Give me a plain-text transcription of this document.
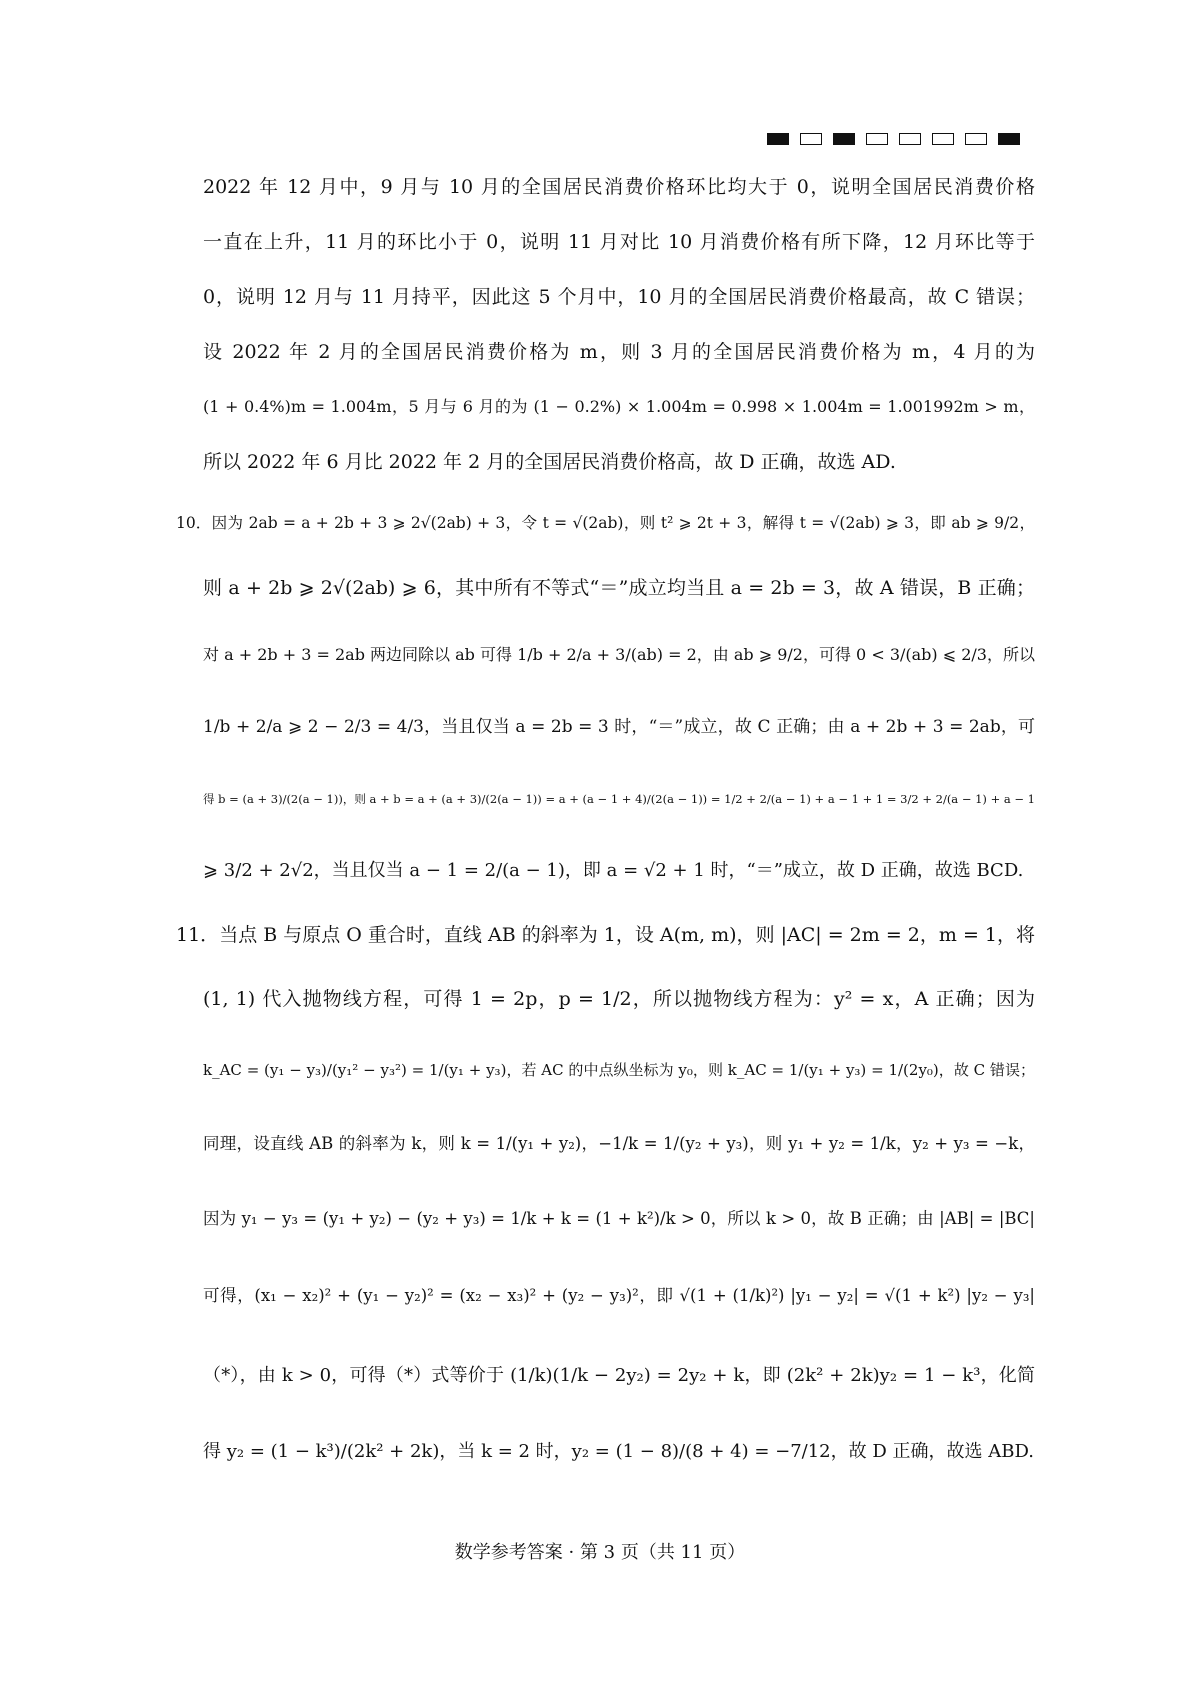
2022 年 12 月中，9 月与 10 月的全国居民消费价格环比均大于 0，说明全国居民消费价格
一直在上升，11 月的环比小于 0，说明 11 月对比 10 月消费价格有所下降，12 月环比等于
0，说明 12 月与 11 月持平，因此这 5 个月中，10 月的全国居民消费价格最高，故 C 错误；
设 2022 年 2 月的全国居民消费价格为 m，则 3 月的全国居民消费价格为 m，4 月的为
(1 + 0.4%)m = 1.004m，5 月与 6 月的为 (1 − 0.2%) × 1.004m = 0.998 × 1.004m = 1.001992m > m，
所以 2022 年 6 月比 2022 年 2 月的全国居民消费价格高，故 D 正确，故选 AD.
10．因为 2ab = a + 2b + 3 ⩾ 2√(2ab) + 3，令 t = √(2ab)，则 t² ⩾ 2t + 3，解得 t = √(2ab) ⩾ 3，即 ab ⩾ 9/2，
则 a + 2b ⩾ 2√(2ab) ⩾ 6，其中所有不等式“＝”成立均当且 a = 2b = 3，故 A 错误，B 正确；
对 a + 2b + 3 = 2ab 两边同除以 ab 可得 1/b + 2/a + 3/(ab) = 2，由 ab ⩾ 9/2，可得 0 < 3/(ab) ⩽ 2/3，所以
1/b + 2/a ⩾ 2 − 2/3 = 4/3，当且仅当 a = 2b = 3 时，“＝”成立，故 C 正确；由 a + 2b + 3 = 2ab，可
得 b = (a + 3)/(2(a − 1))，则 a + b = a + (a + 3)/(2(a − 1)) = a + (a − 1 + 4)/(2(a − 1)) = 1/2 + 2/(a − 1) + a − 1 + 1 = 3/2 + 2/(a − 1) + a − 1
⩾ 3/2 + 2√2，当且仅当 a − 1 = 2/(a − 1)，即 a = √2 + 1 时，“＝”成立，故 D 正确，故选 BCD.
11．当点 B 与原点 O 重合时，直线 AB 的斜率为 1，设 A(m, m)，则 |AC| = 2m = 2，m = 1，将
(1, 1) 代入抛物线方程，可得 1 = 2p，p = 1/2，所以抛物线方程为：y² = x，A 正确；因为
k_AC = (y₁ − y₃)/(y₁² − y₃²) = 1/(y₁ + y₃)，若 AC 的中点纵坐标为 y₀，则 k_AC = 1/(y₁ + y₃) = 1/(2y₀)，故 C 错误；
同理，设直线 AB 的斜率为 k，则 k = 1/(y₁ + y₂)，−1/k = 1/(y₂ + y₃)，则 y₁ + y₂ = 1/k，y₂ + y₃ = −k，
因为 y₁ − y₃ = (y₁ + y₂) − (y₂ + y₃) = 1/k + k = (1 + k²)/k > 0，所以 k > 0，故 B 正确；由 |AB| = |BC|
可得，(x₁ − x₂)² + (y₁ − y₂)² = (x₂ − x₃)² + (y₂ − y₃)²，即 √(1 + (1/k)²) |y₁ − y₂| = √(1 + k²) |y₂ − y₃|
（*），由 k > 0，可得（*）式等价于 (1/k)(1/k − 2y₂) = 2y₂ + k，即 (2k² + 2k)y₂ = 1 − k³，化简
得 y₂ = (1 − k³)/(2k² + 2k)，当 k = 2 时，y₂ = (1 − 8)/(8 + 4) = −7/12，故 D 正确，故选 ABD.
数学参考答案 · 第 3 页（共 11 页）
